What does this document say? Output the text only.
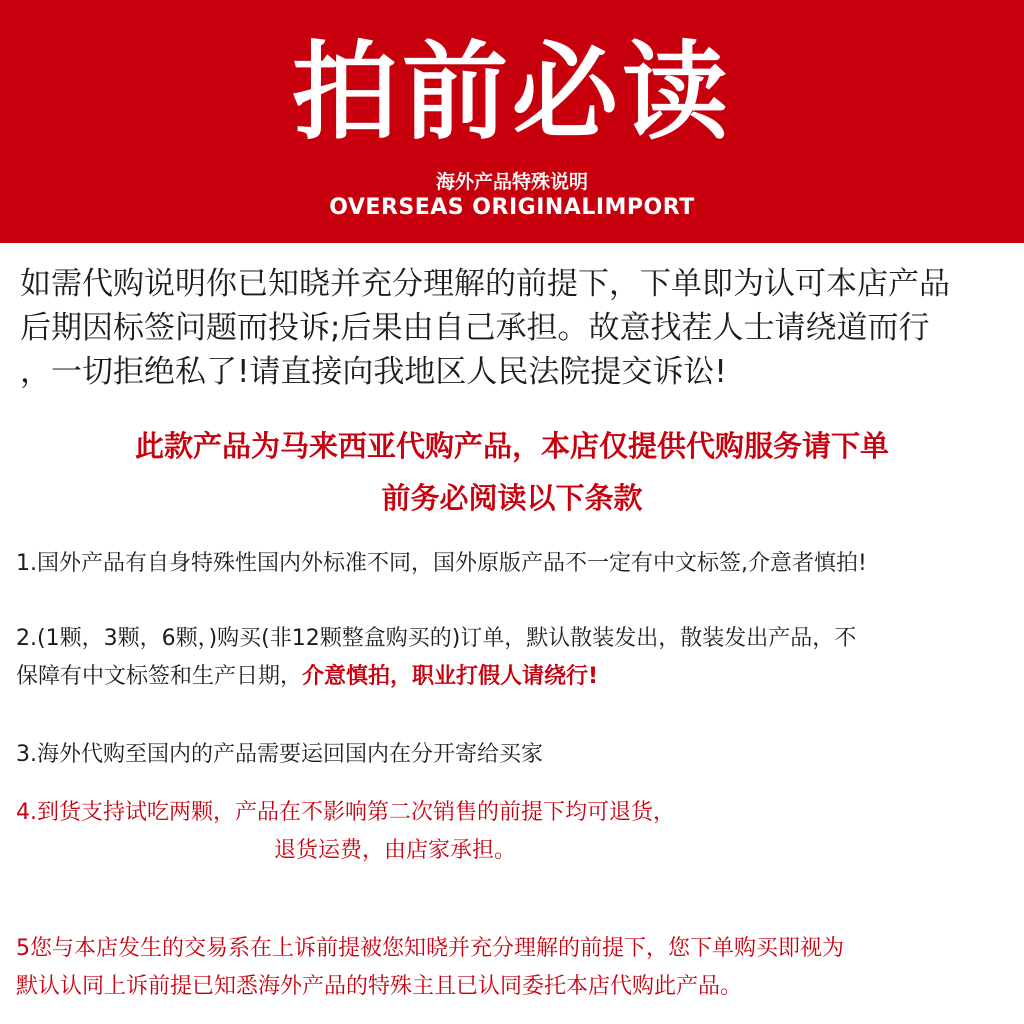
拍前必读
海外产品特殊说明
OVERSEAS ORIGINALIMPORT
如需代购说明你已知晓并充分理解的前提下，下单即为认可本店产品
后期因标签问题而投诉;后果由自己承担。故意找茬人士请绕道而行
，一切拒绝私了!请直接向我地区人民法院提交诉讼!
此款产品为马来西亚代购产品，本店仅提供代购服务请下单
前务必阅读以下条款
1.国外产品有自身特殊性国内外标准不同，国外原版产品不一定有中文标签,介意者慎拍!
2.(1颗，3颗，6颗，)购买(非12颗整盒购买的)订单，默认散装发出，散装发出产品，不
保障有中文标签和生产日期，介意慎拍，职业打假人请绕行!
3.海外代购至国内的产品需要运回国内在分开寄给买家
4.到货支持试吃两颗，产品在不影响第二次销售的前提下均可退货，
退货运费，由店家承担。
5您与本店发生的交易系在上诉前提被您知晓并充分理解的前提下，您下单购买即视为
默认认同上诉前提已知悉海外产品的特殊主且已认同委托本店代购此产品。
